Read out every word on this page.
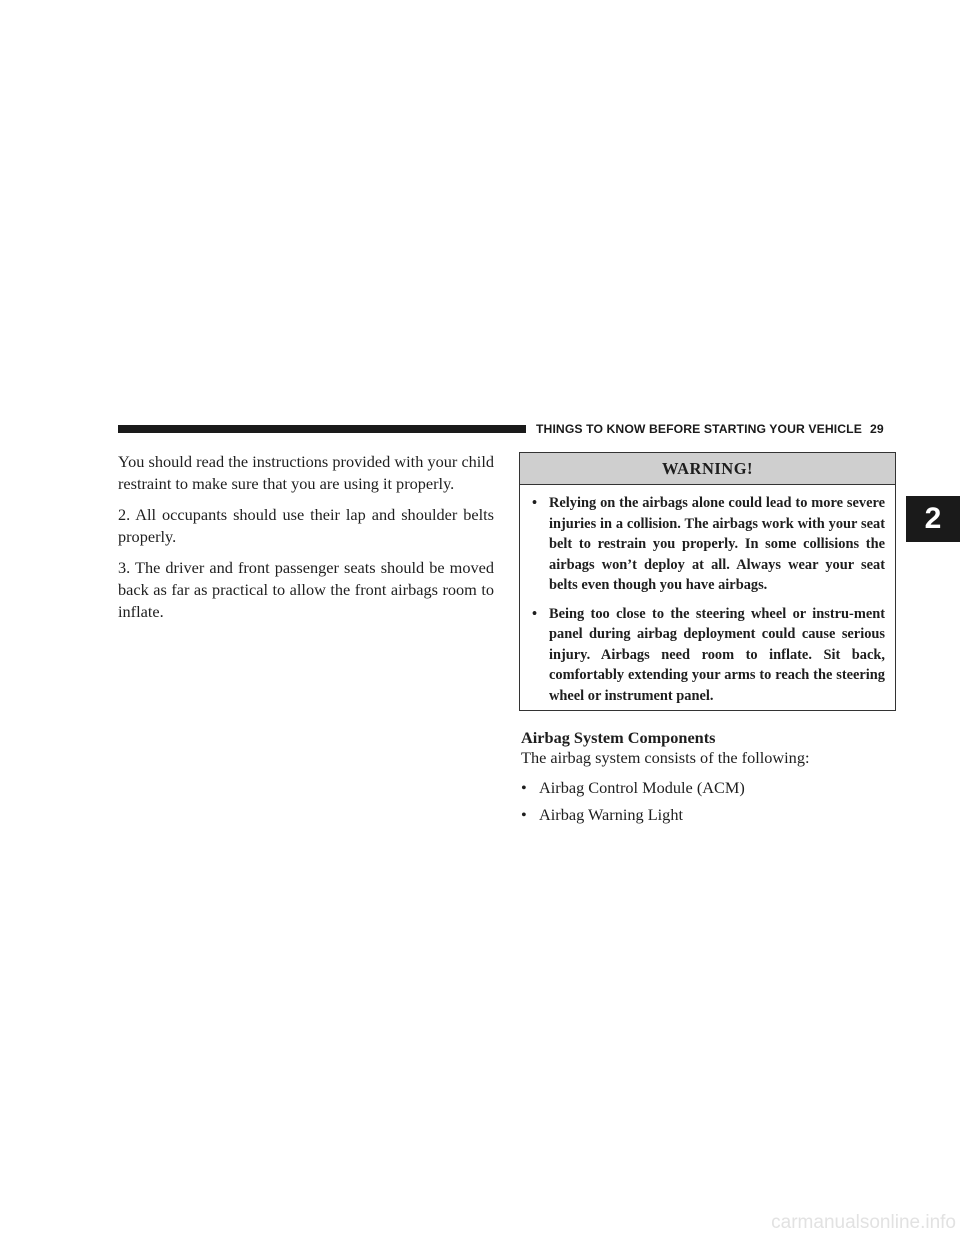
THINGS TO KNOW BEFORE STARTING YOUR VEHICLE 29
2

You should read the instructions provided with your child restraint to make sure that you are using it properly.

2. All occupants should use their lap and shoulder belts properly.

3. The driver and front passenger seats should be moved back as far as practical to allow the front airbags room to inflate.

WARNING!
• Relying on the airbags alone could lead to more severe injuries in a collision. The airbags work with your seat belt to restrain you properly. In some collisions the airbags won’t deploy at all. Always wear your seat belts even though you have airbags.
• Being too close to the steering wheel or instru-ment panel during airbag deployment could cause serious injury. Airbags need room to inflate. Sit back, comfortably extending your arms to reach the steering wheel or instrument panel.

Airbag System Components

The airbag system consists of the following:

• Airbag Control Module (ACM)
• Airbag Warning Light
carmanualsonline.info
